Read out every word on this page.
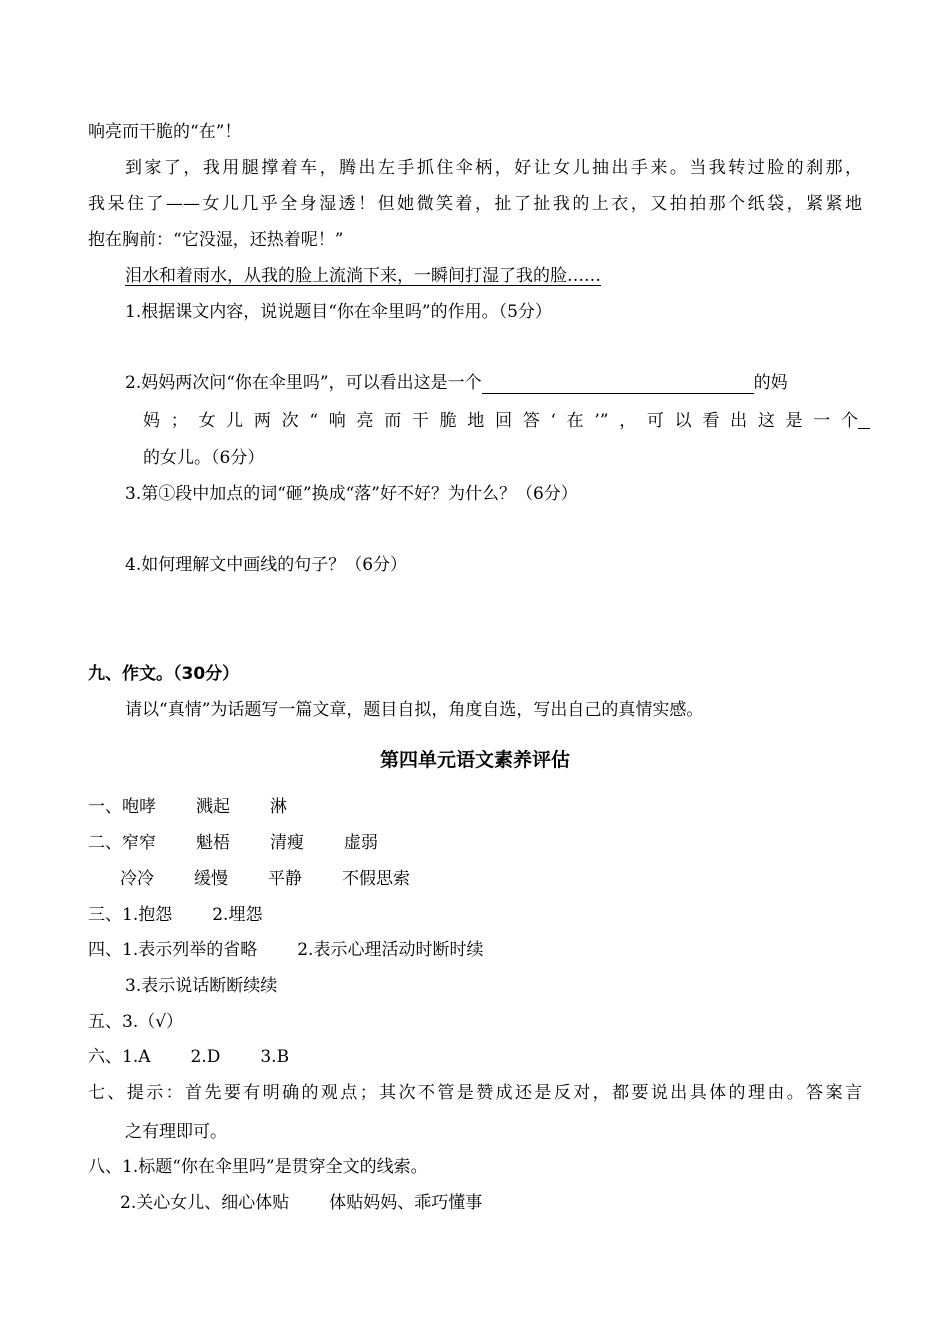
响亮而干脆的“在”！
到家了，我用腿撑着车，腾出左手抓住伞柄，好让女儿抽出手来。当我转过脸的刹那，
我呆住了——女儿几乎全身湿透！但她微笑着，扯了扯我的上衣，又拍拍那个纸袋，紧紧地
抱在胸前：“它没湿，还热着呢！”
泪水和着雨水，从我的脸上流淌下来，一瞬间打湿了我的脸……
1.根据课文内容，说说题目“你在伞里吗”的作用。（5分）
2.妈妈两次问“你在伞里吗”，可以看出这是一个	的妈
妈；女儿两次“响亮而干脆地回答‘在’”，可以看出这是一个
的女儿。（6分）
3.第①段中加点的词“砸”换成“落”好不好？为什么？（6分）
4.如何理解文中画线的句子？（6分）
九、作文。（30分）
请以“真情”为话题写一篇文章，题目自拟，角度自选，写出自己的真情实感。
第四单元语文素养评估
一、咆哮 溅起 淋
二、窄窄 魁梧 清瘦 虚弱
冷冷 缓慢 平静 不假思索
三、1.抱怨 2.埋怨
四、1.表示列举的省略 2.表示心理活动时断时续
3.表示说话断断续续
五、3.（√）
六、1.A 2.D 3.B
七、提示：首先要有明确的观点；其次不管是赞成还是反对，都要说出具体的理由。答案言
之有理即可。
八、1.标题“你在伞里吗”是贯穿全文的线索。
2.关心女儿、细心体贴 体贴妈妈、乖巧懂事
